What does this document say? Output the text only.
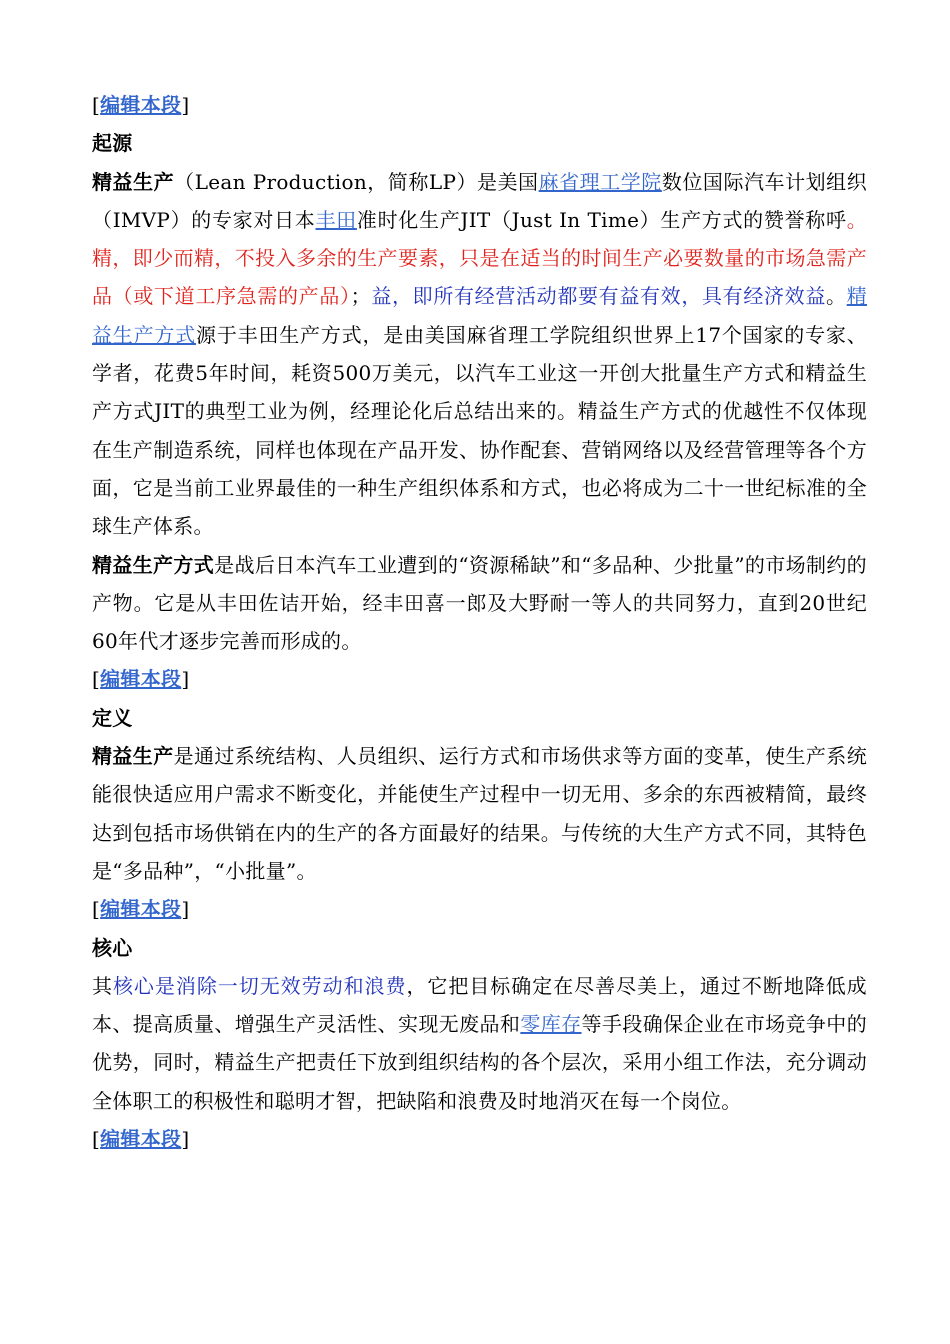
[编辑本段]
起源

精益生产（Lean Production，简称LP）是美国麻省理工学院数位国际汽车计划组织（IMVP）的专家对日本丰田准时化生产JIT（Just In Time）生产方式的赞誉称呼。精，即少而精，不投入多余的生产要素，只是在适当的时间生产必要数量的市场急需产品（或下道工序急需的产品）；益，即所有经营活动都要有益有效，具有经济效益。精益生产方式源于丰田生产方式，是由美国麻省理工学院组织世界上17个国家的专家、学者，花费5年时间，耗资500万美元，以汽车工业这一开创大批量生产方式和精益生产方式JIT的典型工业为例，经理论化后总结出来的。精益生产方式的优越性不仅体现在生产制造系统，同样也体现在产品开发、协作配套、营销网络以及经营管理等各个方面，它是当前工业界最佳的一种生产组织体系和方式，也必将成为二十一世纪标准的全球生产体系。

精益生产方式是战后日本汽车工业遭到的“资源稀缺”和“多品种、少批量”的市场制约的产物。它是从丰田佐诘开始，经丰田喜一郎及大野耐一等人的共同努力，直到20世纪60年代才逐步完善而形成的。

[编辑本段]
定义

精益生产是通过系统结构、人员组织、运行方式和市场供求等方面的变革，使生产系统能很快适应用户需求不断变化，并能使生产过程中一切无用、多余的东西被精简，最终达到包括市场供销在内的生产的各方面最好的结果。与传统的大生产方式不同，其特色是“多品种”，“小批量”。

[编辑本段]
核心

其核心是消除一切无效劳动和浪费，它把目标确定在尽善尽美上，通过不断地降低成本、提高质量、增强生产灵活性、实现无废品和零库存等手段确保企业在市场竞争中的优势，同时，精益生产把责任下放到组织结构的各个层次，采用小组工作法，充分调动全体职工的积极性和聪明才智，把缺陷和浪费及时地消灭在每一个岗位。

[编辑本段]
